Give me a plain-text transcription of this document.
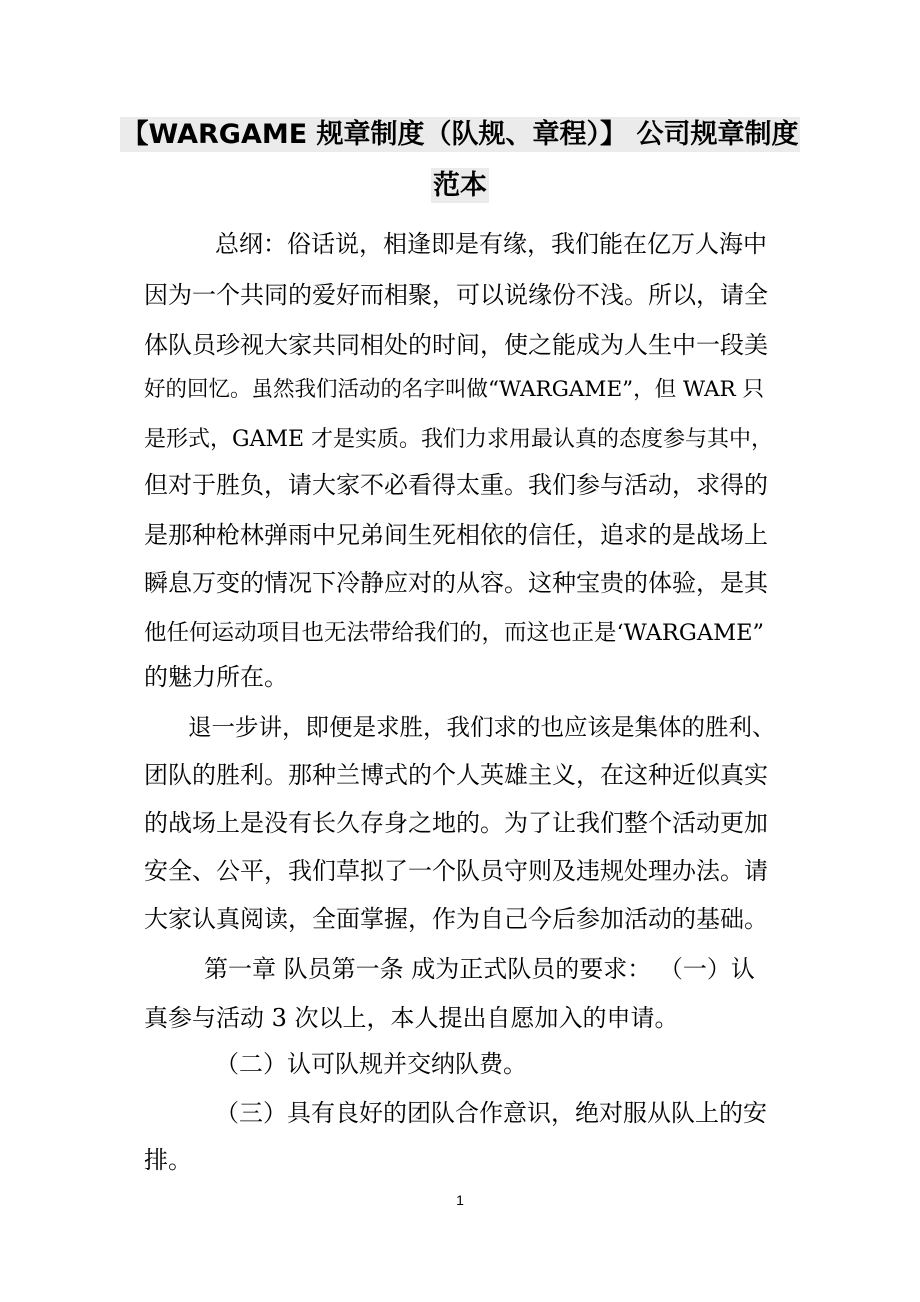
【WARGAME 规章制度（队规、章程）】 公司规章制度
范本
总纲：俗话说，相逢即是有缘，我们能在亿万人海中
因为一个共同的爱好而相聚，可以说缘份不浅。所以，请全
体队员珍视大家共同相处的时间，使之能成为人生中一段美
好的回忆。虽然我们活动的名字叫做“WARGAME”，但 WAR 只
是形式，GAME 才是实质。我们力求用最认真的态度参与其中，
但对于胜负，请大家不必看得太重。我们参与活动，求得的
是那种枪林弹雨中兄弟间生死相依的信任，追求的是战场上
瞬息万变的情况下冷静应对的从容。这种宝贵的体验，是其
他任何运动项目也无法带给我们的，而这也正是‘WARGAME”
的魅力所在。
退一步讲，即便是求胜，我们求的也应该是集体的胜利、
团队的胜利。那种兰博式的个人英雄主义，在这种近似真实
的战场上是没有长久存身之地的。为了让我们整个活动更加
安全、公平，我们草拟了一个队员守则及违规处理办法。请
大家认真阅读，全面掌握，作为自己今后参加活动的基础。
第一章 队员第一条 成为正式队员的要求： （一）认
真参与活动 3 次以上，本人提出自愿加入的申请。
（二）认可队规并交纳队费。
（三）具有良好的团队合作意识，绝对服从队上的安
排。
1
